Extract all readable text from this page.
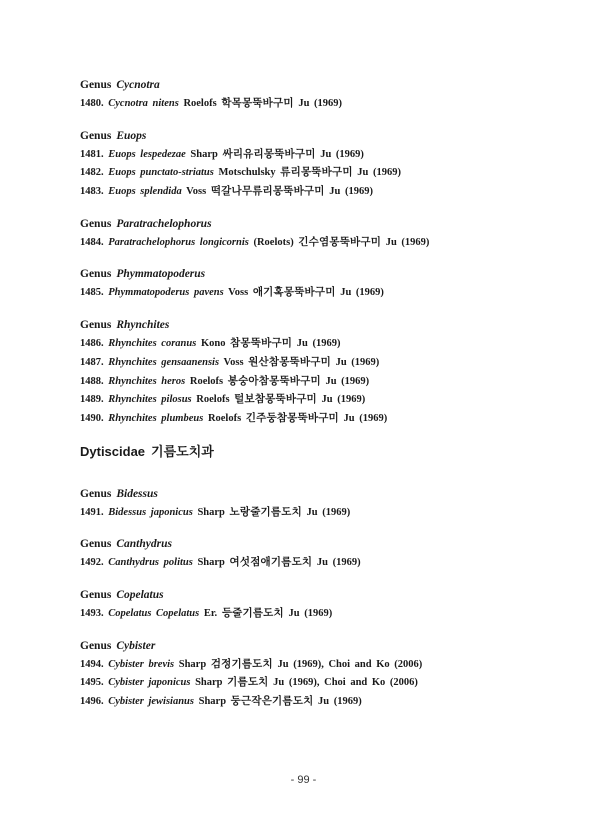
Genus Cycnotra
1480. Cycnotra nitens Roelofs 학목몽뚝바구미 Ju (1969)
Genus Euops
1481. Euops lespedezae Sharp 싸리유리몽뚝바구미 Ju (1969)
1482. Euops punctato-striatus Motschulsky 류리몽뚝바구미 Ju (1969)
1483. Euops splendida Voss 떡갈나무류리몽뚝바구미 Ju (1969)
Genus Paratrachelophorus
1484. Paratrachelophorus longicornis (Roelots) 긴수염몽뚝바구미 Ju (1969)
Genus Phymmatopoderus
1485. Phymmatopoderus pavens Voss 애기혹몽뚝바구미 Ju (1969)
Genus Rhynchites
1486. Rhynchites coranus Kono 참몽뚝바구미 Ju (1969)
1487. Rhynchites gensaanensis Voss 원산참몽뚝바구미 Ju (1969)
1488. Rhynchites heros Roelofs 봉숭아참몽뚝바구미 Ju (1969)
1489. Rhynchites pilosus Roelofs 털보참몽뚝바구미 Ju (1969)
1490. Rhynchites plumbeus Roelofs 긴주둥참몽뚝바구미 Ju (1969)
Dytiscidae 기름도치과
Genus Bidessus
1491. Bidessus japonicus Sharp 노랑줄기름도치 Ju (1969)
Genus Canthydrus
1492. Canthydrus politus Sharp 여섯점애기름도치 Ju (1969)
Genus Copelatus
1493. Copelatus Copelatus Er. 등줄기름도치 Ju (1969)
Genus Cybister
1494. Cybister brevis Sharp 검정기름도치 Ju (1969), Choi and Ko (2006)
1495. Cybister japonicus Sharp 기름도치 Ju (1969), Choi and Ko (2006)
1496. Cybister jewisianus Sharp 둥근작은기름도치 Ju (1969)
- 99 -
